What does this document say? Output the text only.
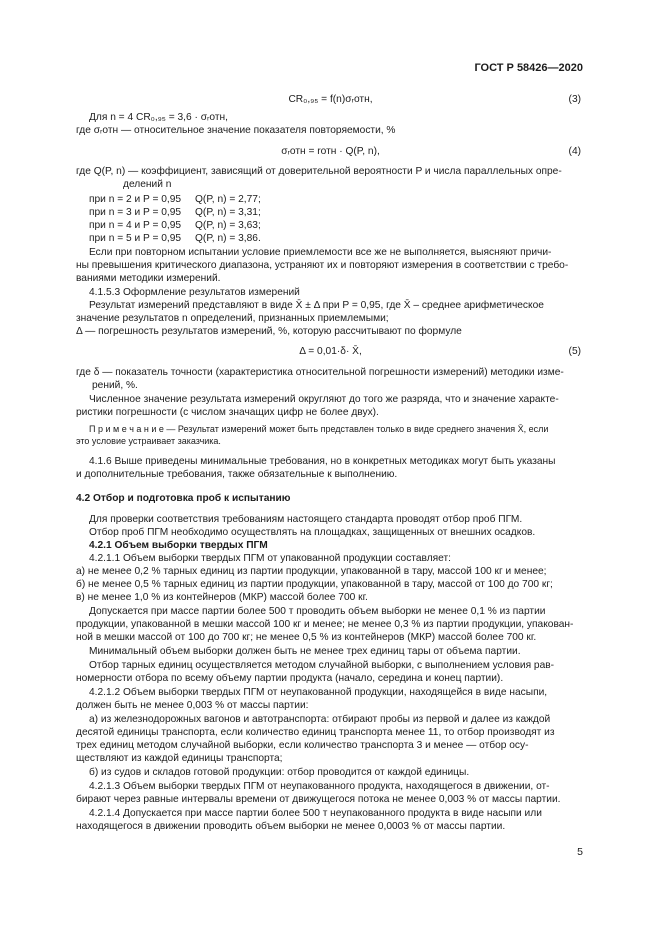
ГОСТ Р 58426—2020
CR₀,₉₅ = f(n)σᵣотн,	(3)
Для n = 4 CR₀,₉₅ = 3,6 · σᵣотн,
где σᵣотн — относительное значение показателя повторяемости, %
σᵣотн = rотн · Q(P, n),	(4)
где Q(P, n) — коэффициент, зависящий от доверительной вероятности P и числа параллельных опре-
делений n
при n = 2 и P = 0,95 Q(P, n) = 2,77;
при n = 3 и P = 0,95 Q(P, n) = 3,31;
при n = 4 и P = 0,95 Q(P, n) = 3,63;
при n = 5 и P = 0,95 Q(P, n) = 3,86.
Если при повторном испытании условие приемлемости все же не выполняется, выясняют причи-
ны превышения критического диапазона, устраняют их и повторяют измерения в соответствии с требо-
ваниями методики измерений.
4.1.5.3 Оформление результатов измерений
Результат измерений представляют в виде X̄ ± Δ при P = 0,95, где X̄ – среднее арифметическое
значение результатов n определений, признанных приемлемыми;
Δ — погрешность результатов измерений, %, которую рассчитывают по формуле
Δ = 0,01·δ· X̄,	(5)
где δ — показатель точности (характеристика относительной погрешности измерений) методики изме-
рений, %.
Численное значение результата измерений округляют до того же разряда, что и значение характе-
ристики погрешности (с числом значащих цифр не более двух).
П р и м е ч а н и е — Результат измерений может быть представлен только в виде среднего значения X̄, если
это условие устраивает заказчика.
4.1.6 Выше приведены минимальные требования, но в конкретных методиках могут быть указаны
и дополнительные требования, также обязательные к выполнению.
4.2 Отбор и подготовка проб к испытанию
Для проверки соответствия требованиям настоящего стандарта проводят отбор проб ПГМ.
Отбор проб ПГМ необходимо осуществлять на площадках, защищенных от внешних осадков.
4.2.1 Объем выборки твердых ПГМ
4.2.1.1 Объем выборки твердых ПГМ от упакованной продукции составляет:
а) не менее 0,2 % тарных единиц из партии продукции, упакованной в тару, массой 100 кг и менее;
б) не менее 0,5 % тарных единиц из партии продукции, упакованной в тару, массой от 100 до 700 кг;
в) не менее 1,0 % из контейнеров (МКР) массой более 700 кг.
Допускается при массе партии более 500 т проводить объем выборки не менее 0,1 % из партии
продукции, упакованной в мешки массой 100 кг и менее; не менее 0,3 % из партии продукции, упакован-
ной в мешки массой от 100 до 700 кг; не менее 0,5 % из контейнеров (МКР) массой более 700 кг.
Минимальный объем выборки должен быть не менее трех единиц тары от объема партии.
Отбор тарных единиц осуществляется методом случайной выборки, с выполнением условия рав-
номерности отбора по всему объему партии продукта (начало, середина и конец партии).
4.2.1.2 Объем выборки твердых ПГМ от неупакованной продукции, находящейся в виде насыпи,
должен быть не менее 0,003 % от массы партии:
а) из железнодорожных вагонов и автотранспорта: отбирают пробы из первой и далее из каждой
десятой единицы транспорта, если количество единиц транспорта менее 11, то отбор производят из
трех единиц методом случайной выборки, если количество транспорта 3 и менее — отбор осу-
ществляют из каждой единицы транспорта;
б) из судов и складов готовой продукции: отбор проводится от каждой единицы.
4.2.1.3 Объем выборки твердых ПГМ от неупакованного продукта, находящегося в движении, от-
бирают через равные интервалы времени от движущегося потока не менее 0,003 % от массы партии.
4.2.1.4 Допускается при массе партии более 500 т неупакованного продукта в виде насыпи или
находящегося в движении проводить объем выборки не менее 0,0003 % от массы партии.
5
